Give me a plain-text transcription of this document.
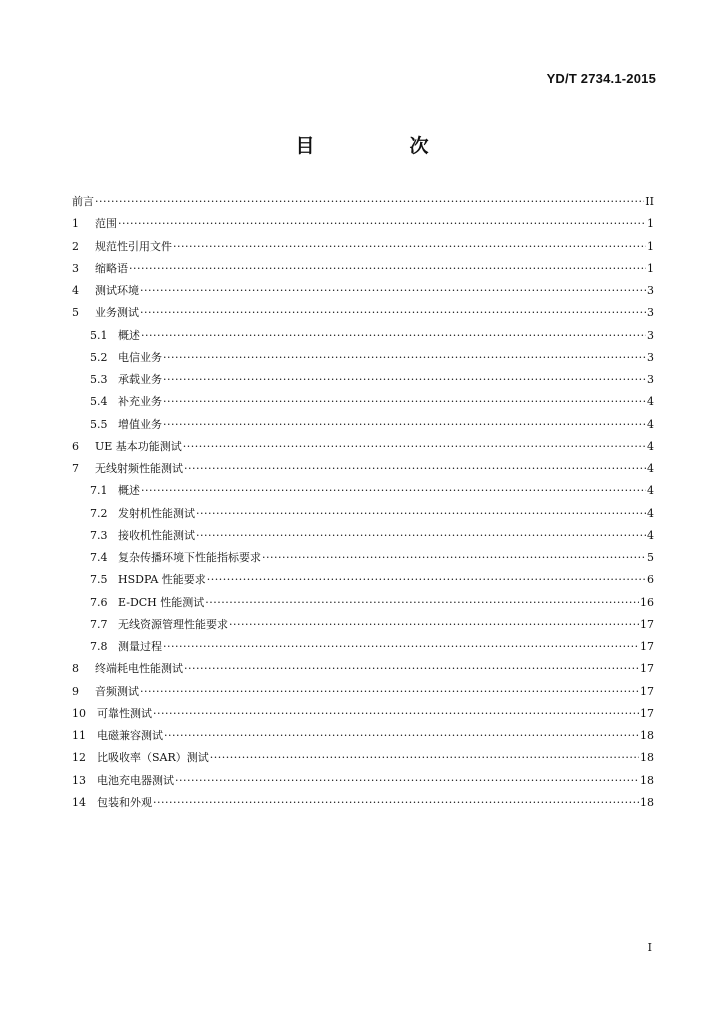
YD/T 2734.1-2015
目　次
前言 ·····	II
1	范围 ·····	1
2	规范性引用文件 ·····	1
3	缩略语 ·····	1
4	测试环境 ·····	3
5	业务测试 ·····	3
5.1 概述 ·····	3
5.2 电信业务 ·····	3
5.3 承载业务 ·····	3
5.4 补充业务 ·····	4
5.5 增值业务 ·····	4
6	UE 基本功能测试 ·····	4
7	无线射频性能测试 ·····	4
7.1 概述 ·····	4
7.2 发射机性能测试 ·····	4
7.3 接收机性能测试 ·····	4
7.4 复杂传播环境下性能指标要求 ·····	5
7.5 HSDPA 性能要求 ·····	6
7.6 E-DCH 性能测试 ·····	16
7.7 无线资源管理性能要求 ·····	17
7.8 测量过程 ·····	17
8	终端耗电性能测试 ·····	17
9	音频测试 ·····	17
10	可靠性测试 ·····	17
11	电磁兼容测试 ·····	18
12	比吸收率（SAR）测试 ·····	18
13	电池充电器测试 ·····	18
14	包装和外观 ·····	18
I
